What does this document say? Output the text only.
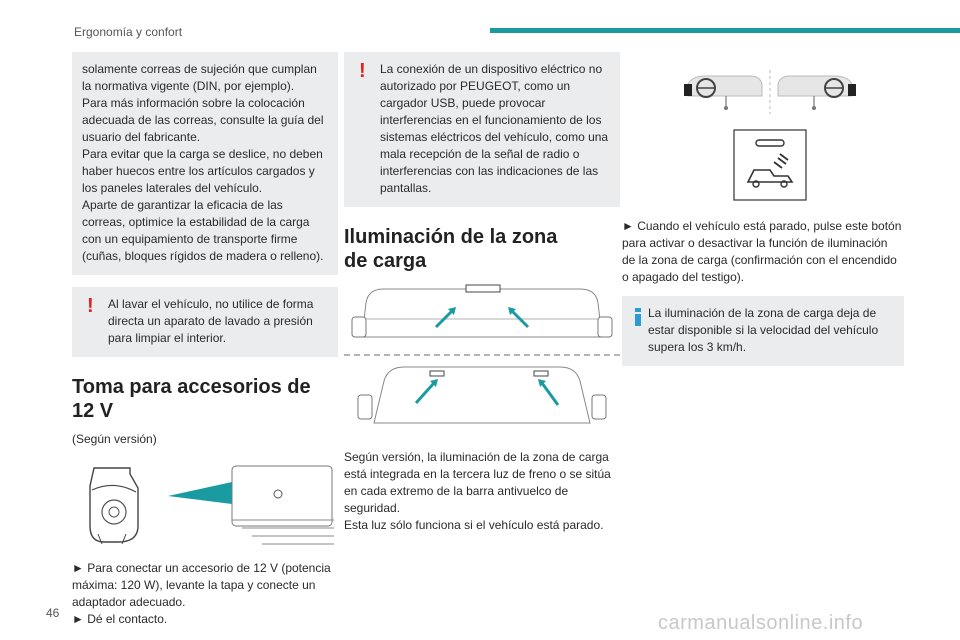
Ergonomía y confort

solamente correas de sujeción que cumplan la normativa vigente (DIN, por ejemplo).

Para más información sobre la colocación adecuada de las correas, consulte la guía del usuario del fabricante.

Para evitar que la carga se deslice, no deben haber huecos entre los artículos cargados y los paneles laterales del vehículo.

Aparte de garantizar la eficacia de las correas, optimice la estabilidad de la carga con un equipamiento de transporte firme (cuñas, bloques rígidos de madera o relleno).

!	Al lavar el vehículo, no utilice de forma directa un aparato de lavado a presión para limpiar el interior.

Toma para accesorios de 12 V
(Según versión)
► Para conectar un accesorio de 12 V (potencia máxima: 120 W), levante la tapa y conecte un adaptador adecuado.
► Dé el contacto.
!	La conexión de un dispositivo eléctrico no autorizado por PEUGEOT, como un cargador USB, puede provocar interferencias en el funcionamiento de los sistemas eléctricos del vehículo, como una mala recepción de la señal de radio o interferencias con las indicaciones de las pantallas.

Iluminación de la zona de carga
Según versión, la iluminación de la zona de carga está integrada en la tercera luz de freno o se sitúa en cada extremo de la barra antivuelco de seguridad.
Esta luz sólo funciona si el vehículo está parado.
► Cuando el vehículo está parado, pulse este botón para activar o desactivar la función de iluminación de la zona de carga (confirmación con el encendido o apagado del testigo).

La iluminación de la zona de carga deja de estar disponible si la velocidad del vehículo supera los 3 km/h.

46	carmanualsonline.info
